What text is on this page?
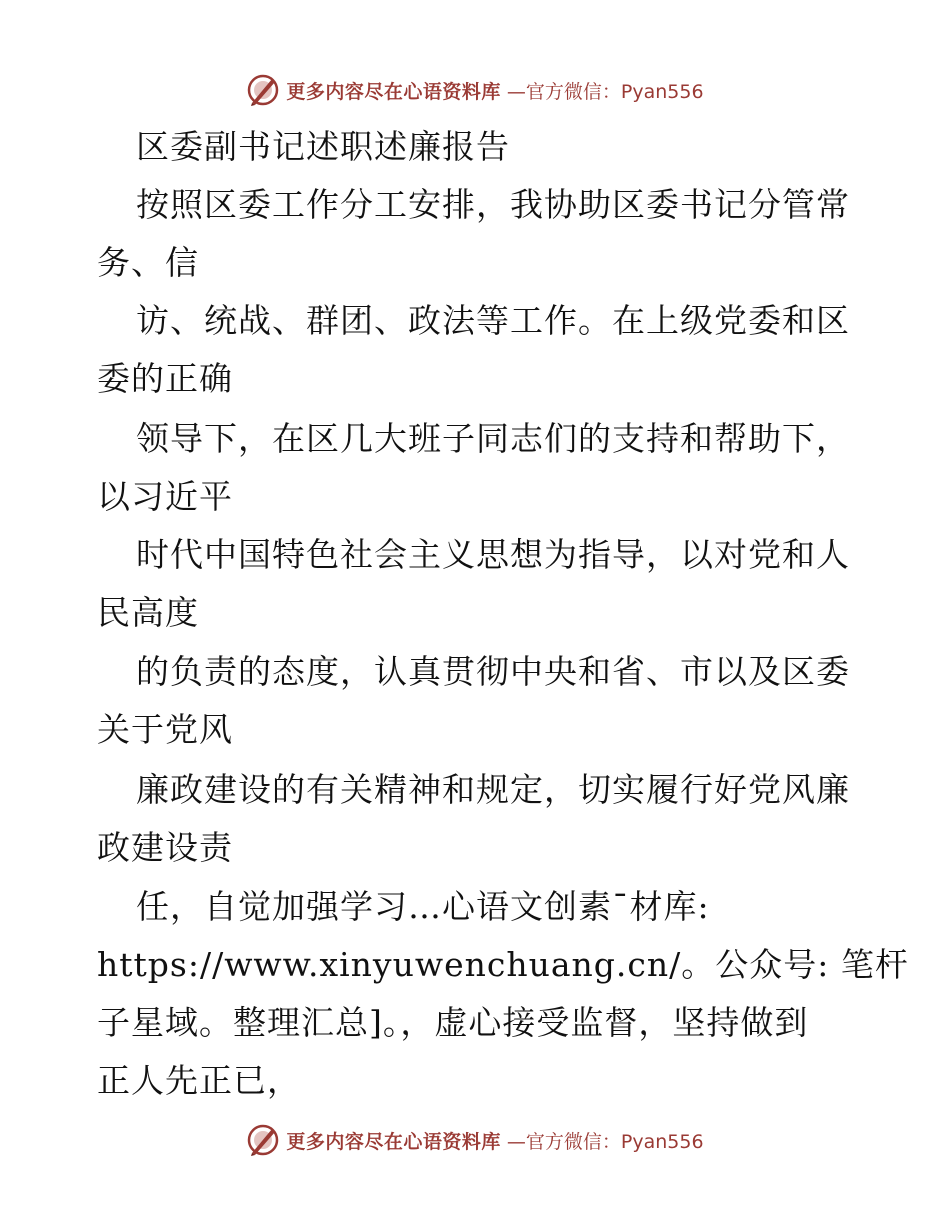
更多内容尽在心语资料库 —官方微信：Pyan556
区委副书记述职述廉报告
按照区委工作分工安排，我协助区委书记分管常
务、信
访、统战、群团、政法等工作。在上级党委和区
委的正确
领导下，在区几大班子同志们的支持和帮助下，
以习近平
时代中国特色社会主义思想为指导，以对党和人
民高度
的负责的态度，认真贯彻中央和省、市以及区委
关于党风
廉政建设的有关精神和规定，切实履行好党风廉
政建设责
任，自觉加强学习…心语文创素¯材库:
https://www.xinyuwenchuang.cn/。公众号: 笔杆
子星域。整理汇总]。，虚心接受监督，坚持做到
正人先正已，
更多内容尽在心语资料库 —官方微信：Pyan556
